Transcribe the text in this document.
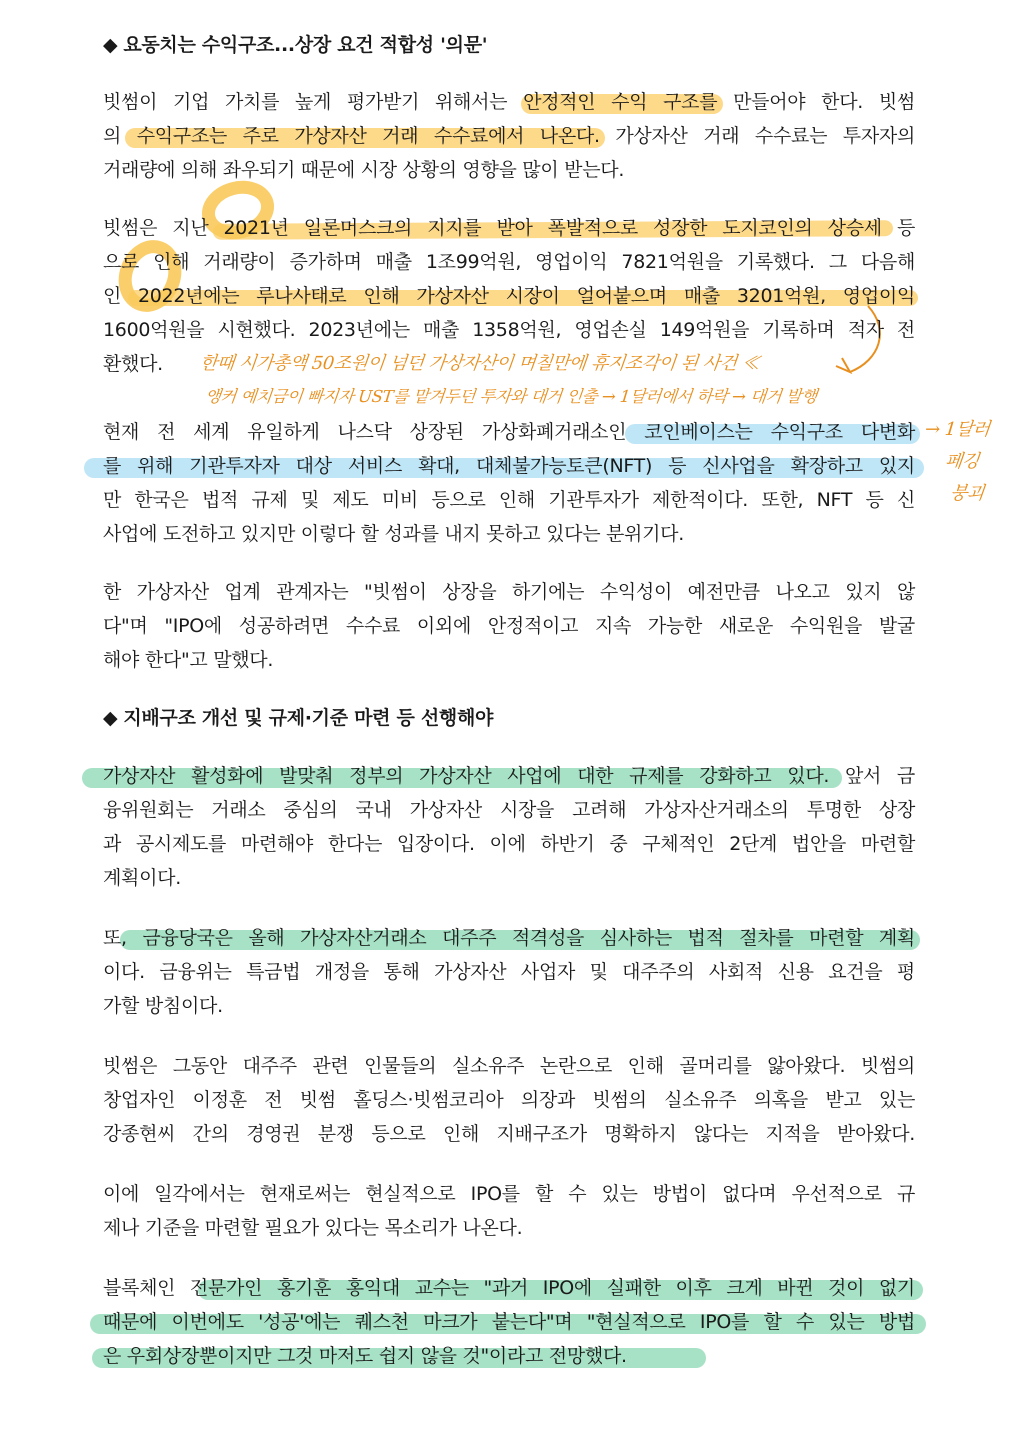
◆ 요동치는 수익구조...상장 요건 적합성 '의문'
빗썸이 기업 가치를 높게 평가받기 위해서는 안정적인 수익 구조를 만들어야 한다. 빗썸
의 수익구조는 주로 가상자산 거래 수수료에서 나온다. 가상자산 거래 수수료는 투자자의
거래량에 의해 좌우되기 때문에 시장 상황의 영향을 많이 받는다.
빗썸은 지난 2021년 일론머스크의 지지를 받아 폭발적으로 성장한 도지코인의 상승세 등
으로 인해 거래량이 증가하며 매출 1조99억원, 영업이익 7821억원을 기록했다. 그 다음해
인 2022년에는 루나사태로 인해 가상자산 시장이 얼어붙으며 매출 3201억원, 영업이익
1600억원을 시현했다. 2023년에는 매출 1358억원, 영업손실 149억원을 기록하며 적자 전
환했다.	한때 시가총액 50조원이 넘던 가상자산이 며칠만에 휴지조각이 된 사건 ≪
앵커 예치금이 빠지자 UST를 맡겨두던 투자와 대거 인출 → 1달러에서 하락 → 대거 발행
→ 1달러
페깅
붕괴
현재 전 세계 유일하게 나스닥 상장된 가상화폐거래소인 코인베이스는 수익구조 다변화
를 위해 기관투자자 대상 서비스 확대, 대체불가능토큰(NFT) 등 신사업을 확장하고 있지
만 한국은 법적 규제 및 제도 미비 등으로 인해 기관투자가 제한적이다. 또한, NFT 등 신
사업에 도전하고 있지만 이렇다 할 성과를 내지 못하고 있다는 분위기다.
한 가상자산 업계 관계자는 "빗썸이 상장을 하기에는 수익성이 예전만큼 나오고 있지 않
다"며 "IPO에 성공하려면 수수료 이외에 안정적이고 지속 가능한 새로운 수익원을 발굴
해야 한다"고 말했다.
◆ 지배구조 개선 및 규제·기준 마련 등 선행해야
가상자산 활성화에 발맞춰 정부의 가상자산 사업에 대한 규제를 강화하고 있다. 앞서 금
융위원회는 거래소 중심의 국내 가상자산 시장을 고려해 가상자산거래소의 투명한 상장
과 공시제도를 마련해야 한다는 입장이다. 이에 하반기 중 구체적인 2단계 법안을 마련할
계획이다.
또, 금융당국은 올해 가상자산거래소 대주주 적격성을 심사하는 법적 절차를 마련할 계획
이다. 금융위는 특금법 개정을 통해 가상자산 사업자 및 대주주의 사회적 신용 요건을 평
가할 방침이다.
빗썸은 그동안 대주주 관련 인물들의 실소유주 논란으로 인해 골머리를 앓아왔다. 빗썸의
창업자인 이정훈 전 빗썸 홀딩스·빗썸코리아 의장과 빗썸의 실소유주 의혹을 받고 있는
강종현씨 간의 경영권 분쟁 등으로 인해 지배구조가 명확하지 않다는 지적을 받아왔다.
이에 일각에서는 현재로써는 현실적으로 IPO를 할 수 있는 방법이 없다며 우선적으로 규
제나 기준을 마련할 필요가 있다는 목소리가 나온다.
블록체인 전문가인 홍기훈 홍익대 교수는 "과거 IPO에 실패한 이후 크게 바뀐 것이 없기
때문에 이번에도 '성공'에는 퀘스천 마크가 붙는다"며 "현실적으로 IPO를 할 수 있는 방법
은 우회상장뿐이지만 그것 마저도 쉽지 않을 것"이라고 전망했다.
